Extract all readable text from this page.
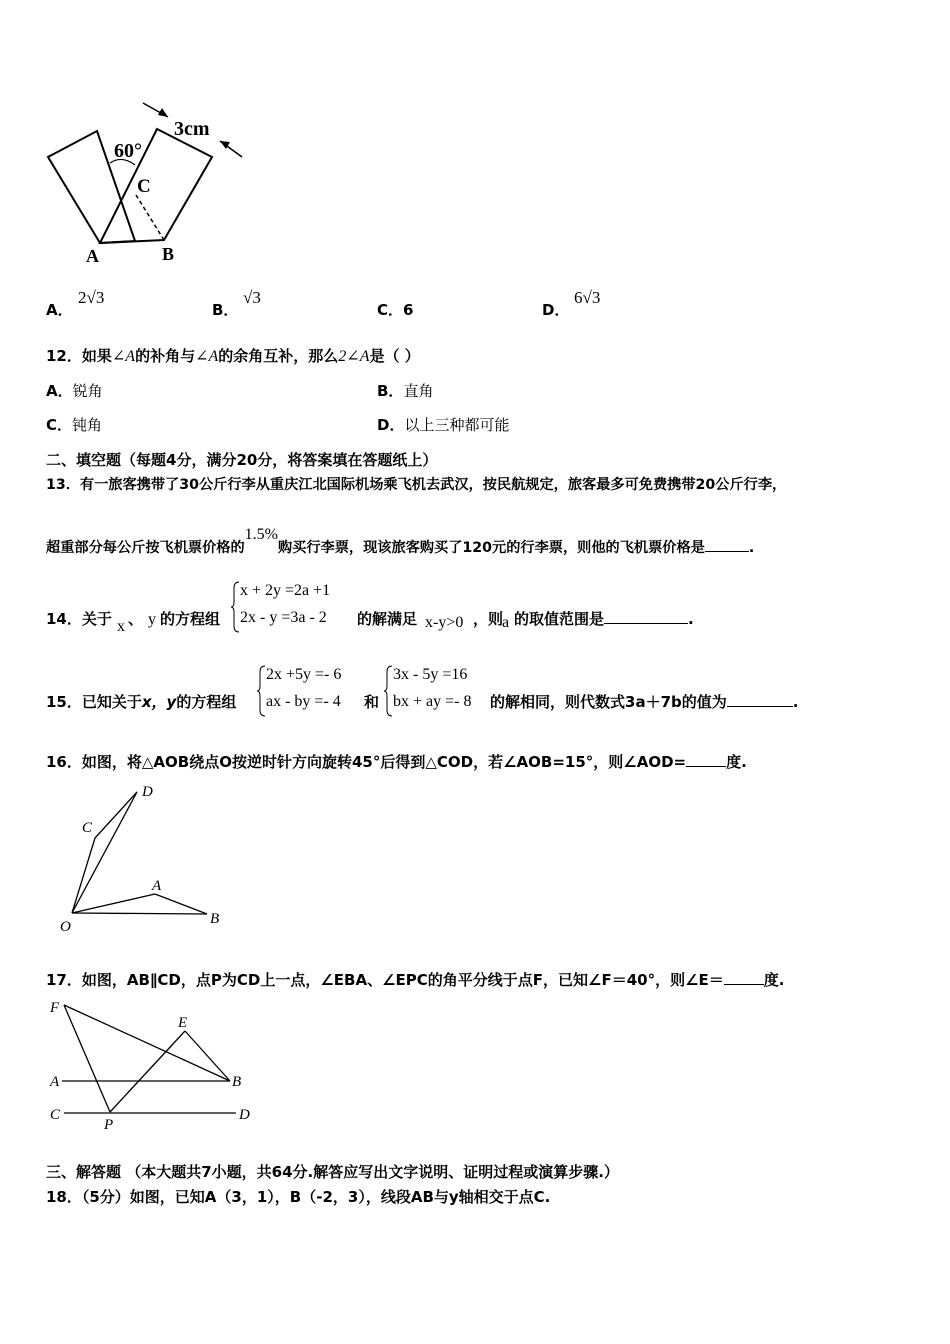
60°
3cm
C
A	B
A．
2√3
B．
√3
C．6	D．
6√3
12．如果∠A的补角与∠A的余角互补，那么2∠A是（ ）
A．锐角	B．直角
C．钝角	D．以上三种都可能
二、填空题（每题4分，满分20分，将答案填在答题纸上）
13．有一旅客携带了30公斤行李从重庆江北国际机场乘飞机去武汉，按民航规定，旅客最多可免费携带20公斤行李，
超重部分每公斤按飞机票价格的1.5%购买行李票，现该旅客购买了120元的行李票，则他的飞机票价格是	.
14．关于 x 、 y 的方程组
x + 2y =2a +1
2x - y =3a - 2 的解满足 x-y>0 ，则
a 的取值范围是	.
15．已知关于x，y的方程组
2x +5y =- 6
ax - by =- 4 和
3x - 5y =16
bx + ay =- 8 的解相同，则代数式3a＋7b的值为	.
16．如图，将△AOB绕点O按逆时针方向旋转45°后得到△COD，若∠AOB=15°，则∠AOD=	度.
D
C
A
O	B
17．如图，AB∥CD，点P为CD上一点，∠EBA、∠EPC的角平分线于点F，已知∠F＝40°，则∠E＝	度.
F
E
A	B
C	D
P
三、解答题 （本大题共7小题，共64分.解答应写出文字说明、证明过程或演算步骤.）
18．（5分）如图，已知A（3，1），B（-2，3），线段AB与y轴相交于点C.
